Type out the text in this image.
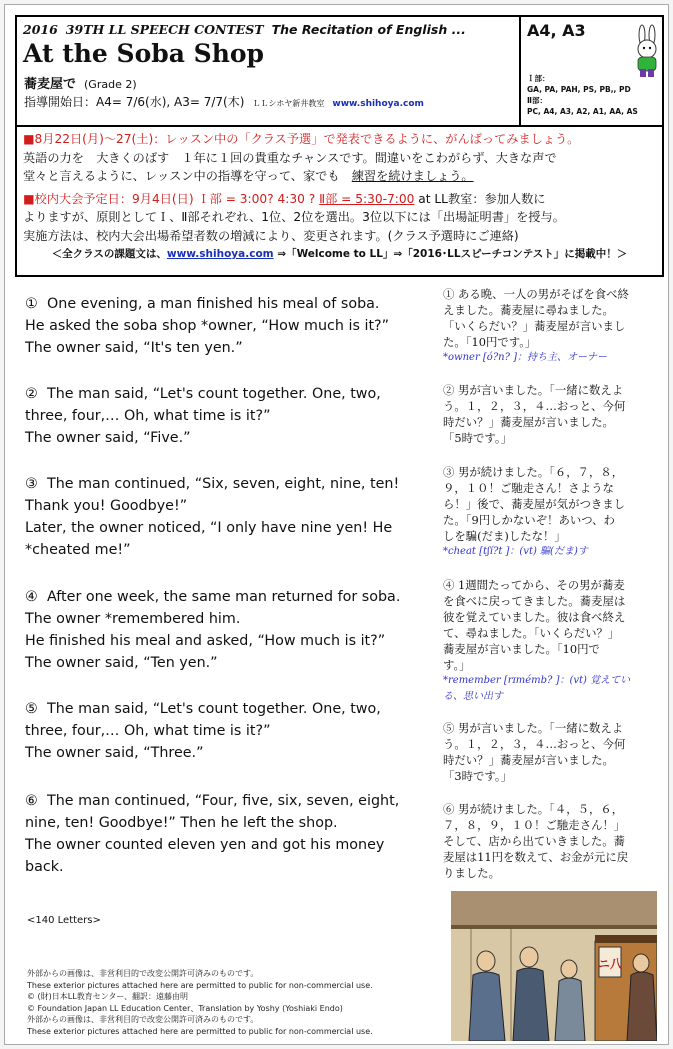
2016 39TH LL SPEECH CONTEST The Recitation of English ...
At the Soba Shop
蕎麦屋で (Grade 2)
指導開始日：A4= 7/6(水), A3= 7/7(木) ＬＬシホヤ新井教室 www.shihoya.com
A4, A3
Ｉ部：
GA, PA, PAH, PS, PB,, PD
Ⅱ部：
PC, A4, A3, A2, A1, AA, AS
■8月22日(月)～27(土)：レッスン中の「クラス予選」で発表できるように、がんばってみましょう。
英語の力を　大きくのばす　１年に１回の貴重なチャンスです。間違いをこわがらず、大きな声で
堂々と言えるように、レッスン中の指導を守って、家でも　練習を続けましょう。
■校内大会予定日：9月4日(日) Ｉ部 = 3:00? 4:30 ? Ⅱ部 = 5:30-7:00 at LL教室：参加人数に
よりますが、原則としてＩ、Ⅱ部それぞれ、1位、2位を選出。3位以下には「出場証明書」を授与。
実施方法は、校内大会出場希望者数の増減により、変更されます。(クラス予選時にご連絡)
＜全クラスの課題文は、www.shihoya.com ⇒「Welcome to LL」⇒「2016･LLスピーチコンテスト」に掲載中！＞

① One evening, a man finished his meal of soba.

He asked the soba shop *owner, “How much is it?”

The owner said, “It's ten yen.”

② The man said, “Let's count together. One, two,

three, four,… Oh, what time is it?”

The owner said, “Five.”

③ The man continued, “Six, seven, eight, nine, ten!

Thank you! Goodbye!”

Later, the owner noticed, “I only have nine yen! He

*cheated me!”

④ After one week, the same man returned for soba.

The owner *remembered him.

He finished his meal and asked, “How much is it?”

The owner said, “Ten yen.”

⑤ The man said, “Let's count together. One, two,

three, four,… Oh, what time is it?”

The owner said, “Three.”

⑥ The man continued, “Four, five, six, seven, eight,

nine, ten! Goodbye!” Then he left the shop.

The owner counted eleven yen and got his money

back.

<140 Letters>
外部からの画像は、非営利目的で改変公開許可済みのものです。
These exterior pictures attached here are permitted to public for non-commercial use.
© (財)日本LL教育センター、翻訳：遠藤由明
© Foundation Japan LL Education Center、Translation by Yoshy (Yoshiaki Endo)
外部からの画像は、非営利目的で改変公開許可済みのものです。
These exterior pictures attached here are permitted to public for non-commercial use.
① ある晩、一人の男がそばを食べ終
えました。蕎麦屋に尋ねました。
「いくらだい？」蕎麦屋が言いまし
た。「10円です。」
*owner [ó?n? ]：持ち主、オーナー
② 男が言いました。「一緒に数えよ
う。１，２，３，４…おっと、今何
時だい？」蕎麦屋が言いました。
「5時です。」
③ 男が続けました。「６，７，８，
９，１０！ご馳走さん！さような
ら！」後で、蕎麦屋が気がつきまし
た。「9円しかないぞ！あいつ、わ
しを騙(だま)したな！」
*cheat [tʃí?t ]：(vt) 騙(だま)す
④ 1週間たってから、その男が蕎麦
を食べに戻ってきました。蕎麦屋は
彼を覚えていました。彼は食べ終え
て、尋ねました。「いくらだい？」
蕎麦屋が言いました。「10円で
す。」
*remember [rɪmémb? ]：(vt) 覚えてい
る、思い出す
⑤ 男が言いました。「一緒に数えよ
う。１，２，３，４…おっと、今何
時だい？」蕎麦屋が言いました。
「3時です。」
⑥ 男が続けました。「４，５，６，
７，８，９，１０！ご馳走さん！」
そして、店から出ていきました。蕎
麦屋は11円を数えて、お金が元に戻
りました。
ニ八
